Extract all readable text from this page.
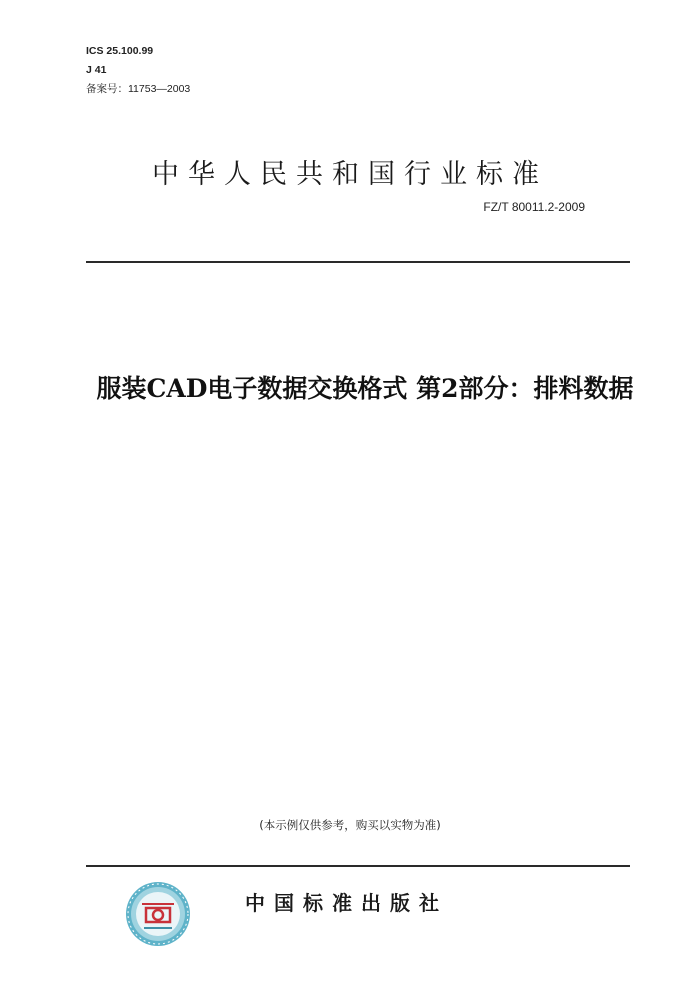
ICS 25.100.99
J 41
备案号：11753—2003
中华人民共和国行业标准
FZ/T 80011.2-2009
服装CAD电子数据交换格式 第2部分：排料数据
(本示例仅供参考，购买以实物为准)
中国标准出版社
